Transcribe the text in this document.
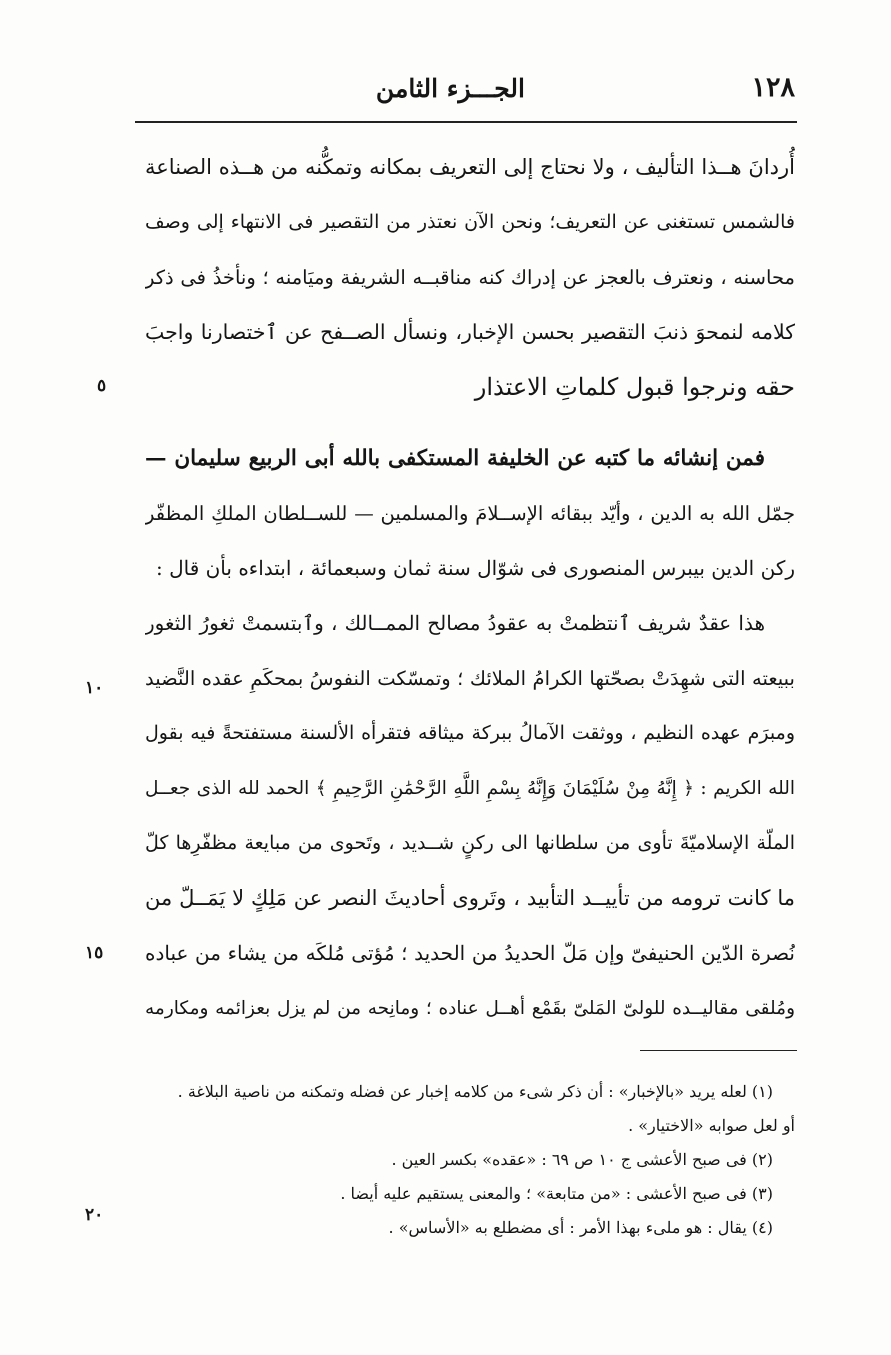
١٢٨
الجـــزء الثامن
أُردانَ هــذا التأليف ، ولا نحتاج إلى التعريف بمكانه وتمكُّنه من هــذه الصناعة
فالشمس تستغنى عن التعريف؛ ونحن الآن نعتذر من التقصير فى الانتهاء إلى وصف
محاسنه ، ونعترف بالعجز عن إدراك كنه مناقبــه الشريفة وميَامنه ؛ ونأخذُ فى ذكر
كلامه لنمحوَ ذنبَ التقصير بحسن الإخبار، ونسأل الصــفح عن ٱختصارنا واجبَ
حقه ونرجوا قبول كلماتِ الاعتذار
فمن إنشائه ما كتبه عن الخليفة المستكفى بالله أبى الربيع سليمان —
جمّل الله به الدين ، وأيّد ببقائه الإســلامَ والمسلمين — للســلطان الملكِ المظفّر
ركن الدين بيبرس المنصورى فى شوّال سنة ثمان وسبعمائة ، ابتداءه بأن قال :
هذا عقدٌ شريف ٱنتظمتْ به عقودُ مصالح الممــالك ، وٱبتسمتْ ثغورُ الثغور
ببيعته التى شهِدَتْ بصحّتها الكرامُ الملائك ؛ وتمسّكت النفوسُ بمحكَمِ عقده النَّضيد
ومبرَم عهده النظيم ، ووثقت الآمالُ ببركة ميثاقه فتقرأه الألسنة مستفتحةً فيه بقول
الله الكريم : ﴿ إِنَّهُ مِنْ سُلَيْمَانَ وَإِنَّهُ بِسْمِ اللَّهِ الرَّحْمَٰنِ الرَّحِيمِ ﴾ الحمد لله الذى جعــل
الملّة الإسلاميّةَ تأوى من سلطانها الى ركنٍ شــديد ، وتَحوى من مبايعة مظفّرِها كلّ
ما كانت ترومه من تأييــد التأبيد ، وتَروى أحاديثَ النصر عن مَلِكٍ لا يَمَــلّ من
نُصرة الدّين الحنيفىّ وإن مَلّ الحديدُ من الحديد ؛ مُؤتى مُلكَه من يشاء من عباده
ومُلقى مقاليــده للولىّ المَلىّ بقَمْع أهــل عناده ؛ ومانِحه من لم يزل بعزائمه ومكارمه
٥
١٠
١٥
٢٠
(١) لعله يريد «بالإخبار» : أن ذكر شىء من كلامه إخبار عن فضله وتمكنه من ناصية البلاغة .
أو لعل صوابه «الاختيار» .
(٢) فى صبح الأعشى ج ١٠ ص ٦٩ : «عقده» بكسر العين .
(٣) فى صبح الأعشى : «من متابعة» ؛ والمعنى يستقيم عليه أيضا .
(٤) يقال : هو ملىء بهذا الأمر : أى مضطلع به «الأساس» .
